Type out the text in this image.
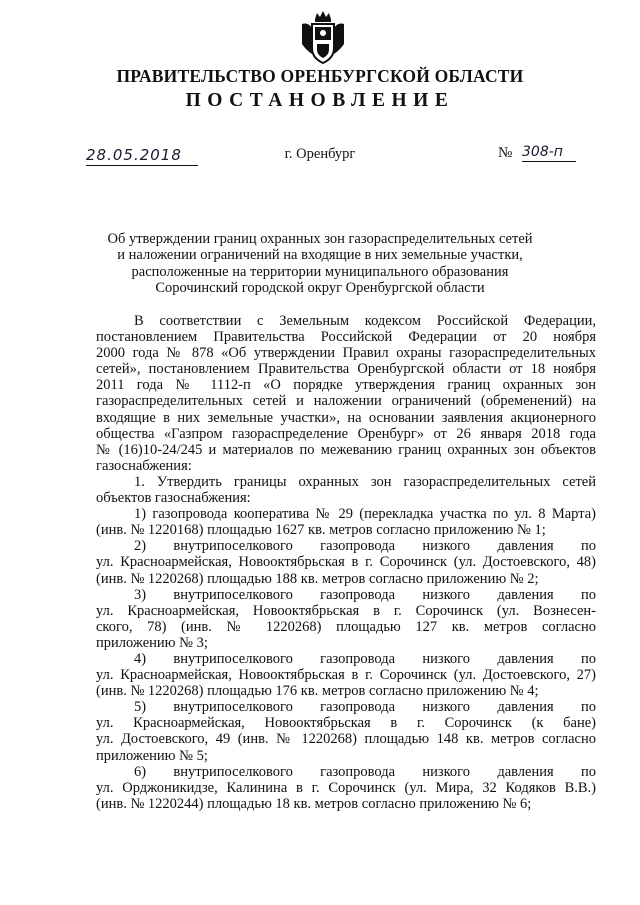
ПРАВИТЕЛЬСТВО ОРЕНБУРГСКОЙ ОБЛАСТИ
ПОСТАНОВЛЕНИЕ
28.05.2018	г. Оренбург	№ 308-п
Об утверждении границ охранных зон газораспределительных сетей
и наложении ограничений на входящие в них земельные участки,
расположенные на территории муниципального образования
Сорочинский городской округ Оренбургской области
В соответствии с Земельным кодексом Российской Федерации,
постановлением Правительства Российской Федерации от 20 ноября
2000 года № 878 «Об утверждении Правил охраны газораспределительных
сетей», постановлением Правительства Оренбургской области от 18 ноября
2011 года № 1112-п «О порядке утверждения границ охранных зон
газораспределительных сетей и наложении ограничений (обременений) на
входящие в них земельные участки», на основании заявления акционерного
общества «Газпром газораспределение Оренбург» от 26 января 2018 года
№ (16)10-24/245 и материалов по межеванию границ охранных зон объектов
газоснабжения:
1. Утвердить границы охранных зон газораспределительных сетей
объектов газоснабжения:
1) газопровода кооператива № 29 (перекладка участка по ул. 8 Марта)
(инв. № 1220168) площадью 1627 кв. метров согласно приложению № 1;
2) внутрипоселкового газопровода низкого давления по
ул. Красноармейская, Новооктябрьская в г. Сорочинск (ул. Достоевского, 48)
(инв. № 1220268) площадью 188 кв. метров согласно приложению № 2;
3) внутрипоселкового газопровода низкого давления по
ул. Красноармейская, Новооктябрьская в г. Сорочинск (ул. Вознесен-
ского, 78) (инв. № 1220268) площадью 127 кв. метров согласно
приложению № 3;
4) внутрипоселкового газопровода низкого давления по
ул. Красноармейская, Новооктябрьская в г. Сорочинск (ул. Достоевского, 27)
(инв. № 1220268) площадью 176 кв. метров согласно приложению № 4;
5) внутрипоселкового газопровода низкого давления по
ул. Красноармейская, Новооктябрьская в г. Сорочинск (к бане)
ул. Достоевского, 49 (инв. № 1220268) площадью 148 кв. метров согласно
приложению № 5;
6) внутрипоселкового газопровода низкого давления по
ул. Орджоникидзе, Калинина в г. Сорочинск (ул. Мира, 32 Кодяков В.В.)
(инв. № 1220244) площадью 18 кв. метров согласно приложению № 6;
